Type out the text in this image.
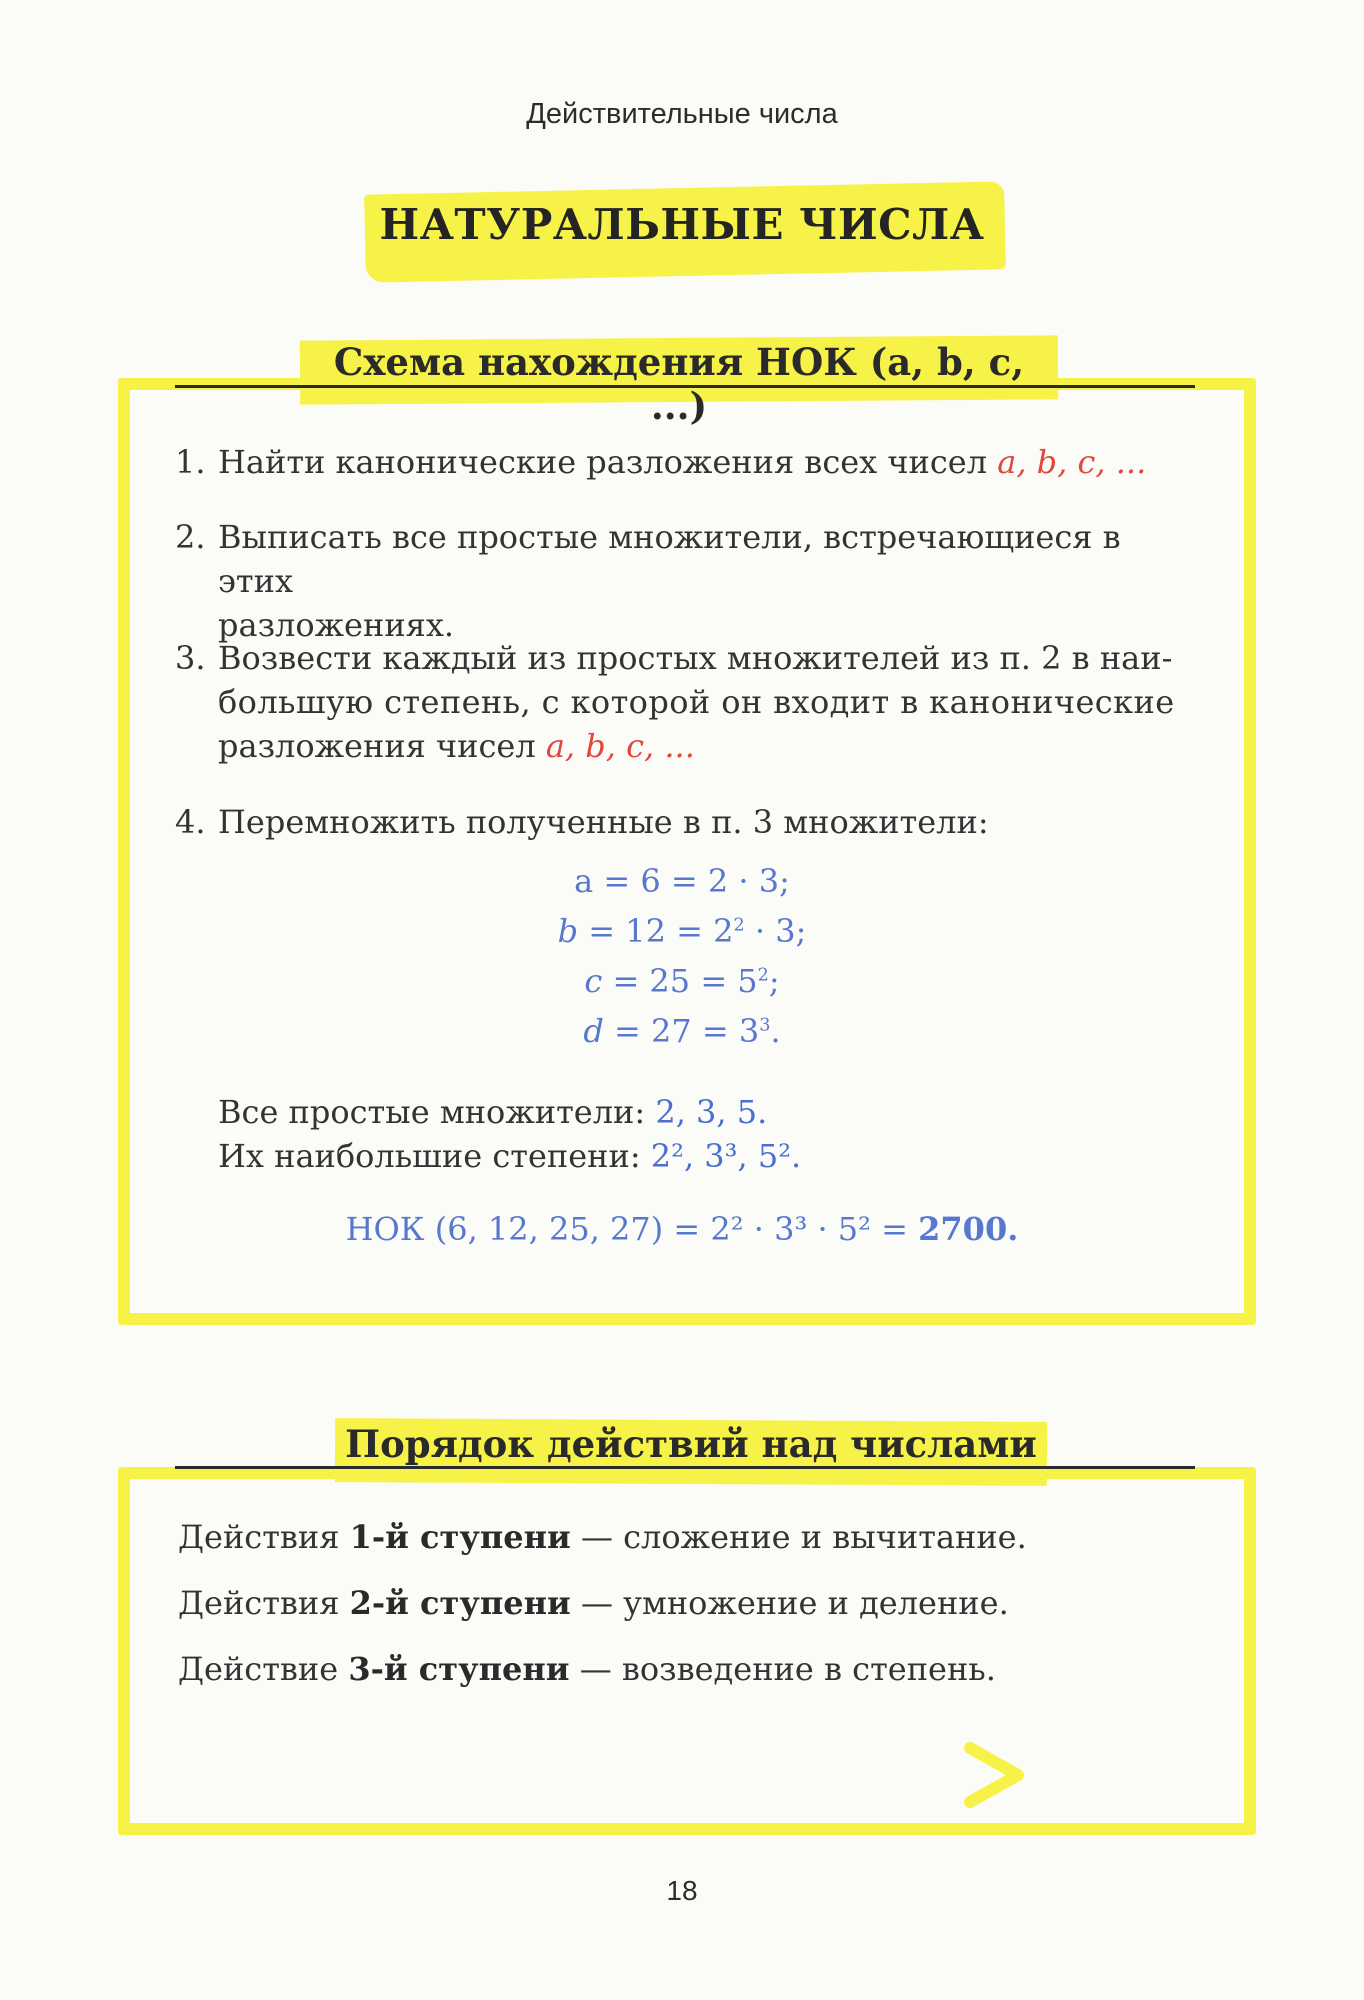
Действительные числа
НАТУРАЛЬНЫЕ ЧИСЛА
Схема нахождения НОК (a, b, c, ...)
1. Найти канонические разложения всех чисел a, b, c, ...
2. Выписать все простые множители, встречающиеся в этих
разложениях.
3. Возвести каждый из простых множителей из п. 2 в наи-
большую степень, с которой он входит в канонические
разложения чисел a, b, c, ...
4. Перемножить полученные в п. 3 множители:
a = 6 = 2 · 3;
$b = 12 = 2^2 \cdot 3$;
$c = 25 = 5^2$;
$d = 27 = 3^3$.
Все простые множители: 2, 3, 5.
Их наибольшие степени: 2², 3³, 5².
НОК (6, 12, 25, 27) = 2² · 3³ · 5² = 2700.
Порядок действий над числами
Действия 1-й ступени — сложение и вычитание.
Действия 2-й ступени — умножение и деление.
Действие 3-й ступени — возведение в степень.
18
